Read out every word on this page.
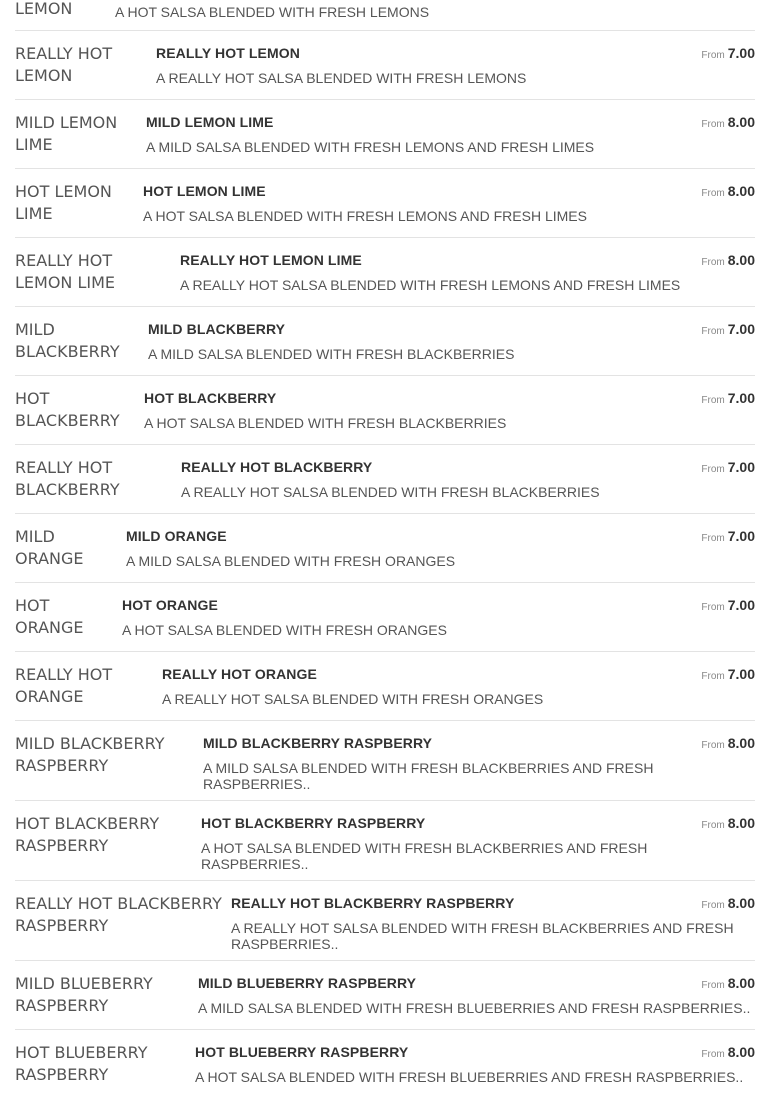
LEMON	A HOT SALSA BLENDED WITH FRESH LEMONS
REALLY HOT
LEMON
REALLY HOT LEMON	From 7.00
A REALLY HOT SALSA BLENDED WITH FRESH LEMONS
MILD LEMON
LIME
MILD LEMON LIME	From 8.00
A MILD SALSA BLENDED WITH FRESH LEMONS AND FRESH LIMES
HOT LEMON
LIME
HOT LEMON LIME	From 8.00
A HOT SALSA BLENDED WITH FRESH LEMONS AND FRESH LIMES
REALLY HOT
LEMON LIME
REALLY HOT LEMON LIME	From 8.00
A REALLY HOT SALSA BLENDED WITH FRESH LEMONS AND FRESH LIMES
MILD
BLACKBERRY
MILD BLACKBERRY	From 7.00
A MILD SALSA BLENDED WITH FRESH BLACKBERRIES
HOT
BLACKBERRY
HOT BLACKBERRY	From 7.00
A HOT SALSA BLENDED WITH FRESH BLACKBERRIES
REALLY HOT
BLACKBERRY
REALLY HOT BLACKBERRY	From 7.00
A REALLY HOT SALSA BLENDED WITH FRESH BLACKBERRIES
MILD
ORANGE
MILD ORANGE	From 7.00
A MILD SALSA BLENDED WITH FRESH ORANGES
HOT
ORANGE
HOT ORANGE	From 7.00
A HOT SALSA BLENDED WITH FRESH ORANGES
REALLY HOT
ORANGE
REALLY HOT ORANGE	From 7.00
A REALLY HOT SALSA BLENDED WITH FRESH ORANGES
MILD BLACKBERRY
RASPBERRY
MILD BLACKBERRY RASPBERRY	From 8.00
A MILD SALSA BLENDED WITH FRESH BLACKBERRIES AND FRESH RASPBERRIES..
HOT BLACKBERRY
RASPBERRY
HOT BLACKBERRY RASPBERRY	From 8.00
A HOT SALSA BLENDED WITH FRESH BLACKBERRIES AND FRESH RASPBERRIES..
REALLY HOT BLACKBERRY
RASPBERRY
REALLY HOT BLACKBERRY RASPBERRY	From 8.00
A REALLY HOT SALSA BLENDED WITH FRESH BLACKBERRIES AND FRESH RASPBERRIES..
MILD BLUEBERRY
RASPBERRY
MILD BLUEBERRY RASPBERRY	From 8.00
A MILD SALSA BLENDED WITH FRESH BLUEBERRIES AND FRESH RASPBERRIES..
HOT BLUEBERRY
RASPBERRY
HOT BLUEBERRY RASPBERRY	From 8.00
A HOT SALSA BLENDED WITH FRESH BLUEBERRIES AND FRESH RASPBERRIES..
